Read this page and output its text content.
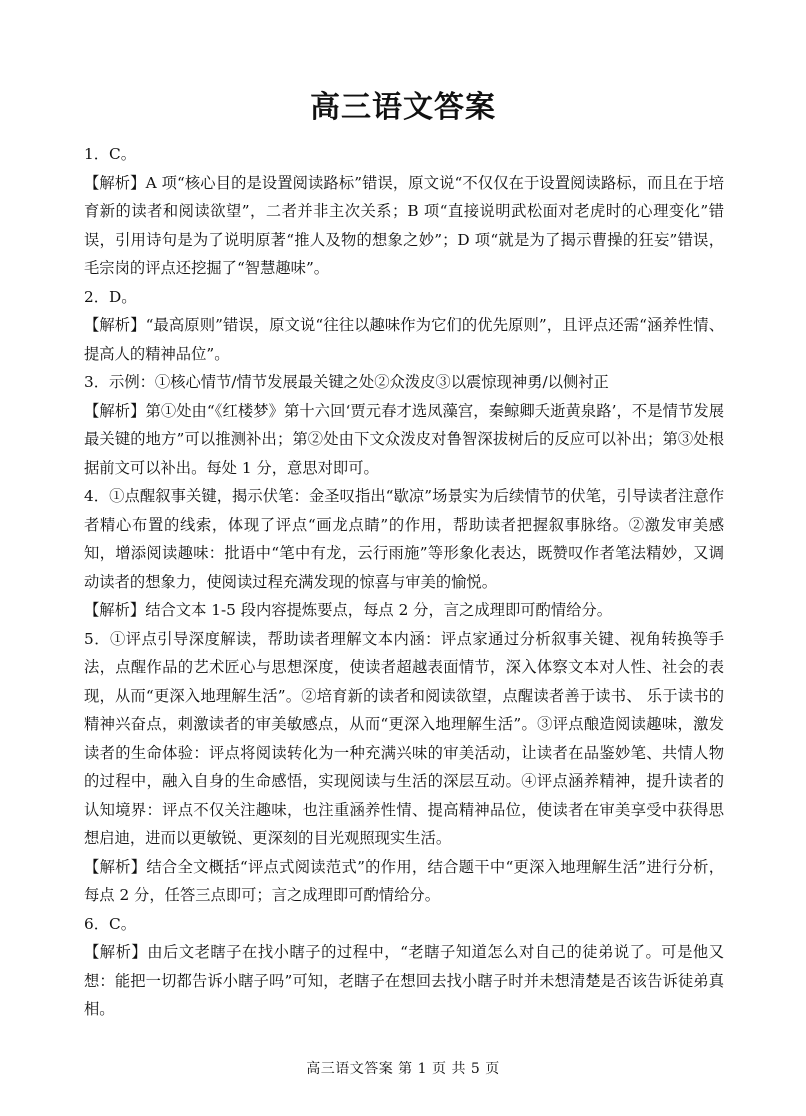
高三语文答案

1．C。

【解析】A 项“核心目的是设置阅读路标”错误，原文说“不仅仅在于设置阅读路标，而且在于培育新的读者和阅读欲望”，二者并非主次关系；B 项“直接说明武松面对老虎时的心理变化”错误，引用诗句是为了说明原著“推人及物的想象之妙”；D 项“就是为了揭示曹操的狂妄”错误，毛宗岗的评点还挖掘了“智慧趣味”。

2．D。

【解析】“最高原则”错误，原文说“往往以趣味作为它们的优先原则”，且评点还需“涵养性情、提高人的精神品位”。

3．示例：①核心情节/情节发展最关键之处②众泼皮③以震惊现神勇/以侧衬正

【解析】第①处由“《红楼梦》第十六回‘贾元春才选凤藻宫，秦鲸卿夭逝黄泉路’，不是情节发展最关键的地方”可以推测补出；第②处由下文众泼皮对鲁智深拔树后的反应可以补出；第③处根据前文可以补出。每处 1 分，意思对即可。

4．①点醒叙事关键，揭示伏笔：金圣叹指出“歇凉”场景实为后续情节的伏笔，引导读者注意作者精心布置的线索，体现了评点“画龙点睛”的作用，帮助读者把握叙事脉络。②激发审美感知，增添阅读趣味：批语中“笔中有龙，云行雨施”等形象化表达，既赞叹作者笔法精妙，又调动读者的想象力，使阅读过程充满发现的惊喜与审美的愉悦。

【解析】结合文本 1-5 段内容提炼要点，每点 2 分，言之成理即可酌情给分。

5．①评点引导深度解读，帮助读者理解文本内涵：评点家通过分析叙事关键、视角转换等手法，点醒作品的艺术匠心与思想深度，使读者超越表面情节，深入体察文本对人性、社会的表现，从而“更深入地理解生活”。②培育新的读者和阅读欲望，点醒读者善于读书、 乐于读书的精神兴奋点，刺激读者的审美敏感点，从而“更深入地理解生活”。③评点酿造阅读趣味，激发读者的生命体验：评点将阅读转化为一种充满兴味的审美活动，让读者在品鉴妙笔、共情人物的过程中，融入自身的生命感悟，实现阅读与生活的深层互动。④评点涵养精神，提升读者的认知境界：评点不仅关注趣味，也注重涵养性情、提高精神品位，使读者在审美享受中获得思想启迪，进而以更敏锐、更深刻的目光观照现实生活。

【解析】结合全文概括“评点式阅读范式”的作用，结合题干中“更深入地理解生活”进行分析，每点 2 分，任答三点即可；言之成理即可酌情给分。

6．C。

【解析】由后文老瞎子在找小瞎子的过程中，“老瞎子知道怎么对自己的徒弟说了。可是他又想：能把一切都告诉小瞎子吗”可知，老瞎子在想回去找小瞎子时并未想清楚是否该告诉徒弟真相。

高三语文答案 第 1 页 共 5 页
